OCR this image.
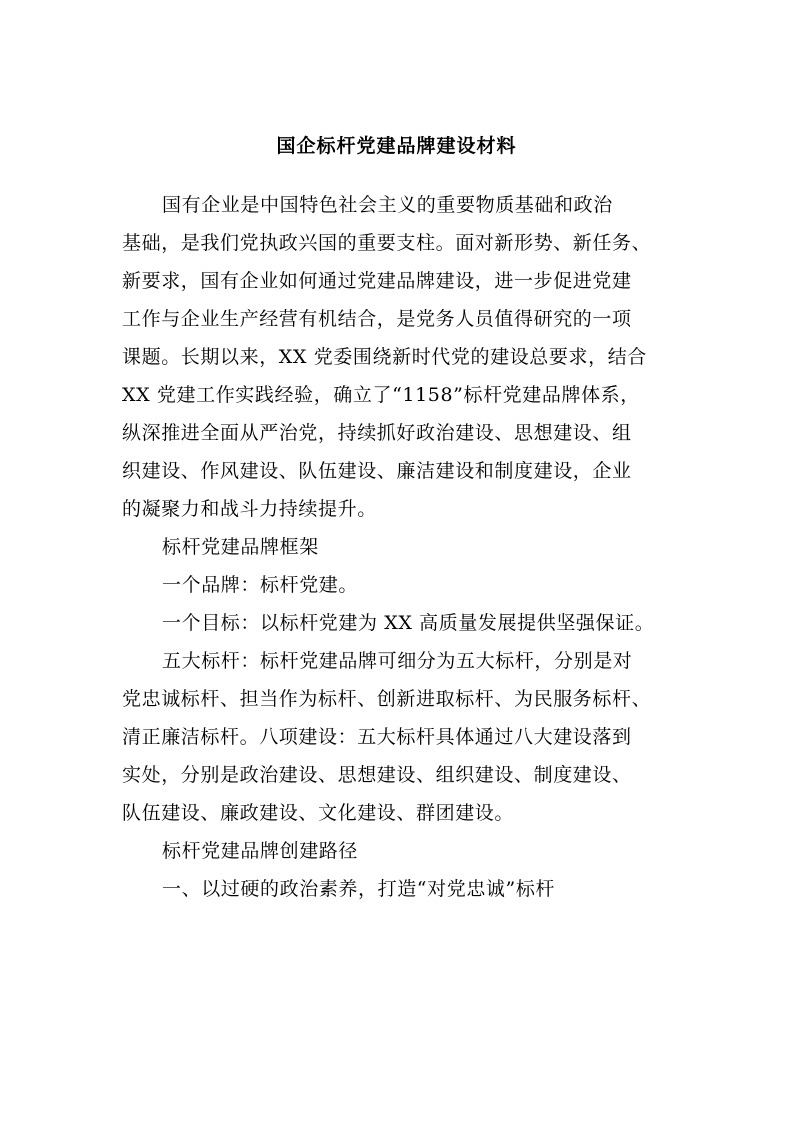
国企标杆党建品牌建设材料
国有企业是中国特色社会主义的重要物质基础和政治
基础，是我们党执政兴国的重要支柱。面对新形势、新任务、
新要求，国有企业如何通过党建品牌建设，进一步促进党建
工作与企业生产经营有机结合，是党务人员值得研究的一项
课题。长期以来，XX 党委围绕新时代党的建设总要求，结合
XX 党建工作实践经验，确立了“1158”标杆党建品牌体系，
纵深推进全面从严治党，持续抓好政治建设、思想建设、组
织建设、作风建设、队伍建设、廉洁建设和制度建设，企业
的凝聚力和战斗力持续提升。
标杆党建品牌框架
一个品牌：标杆党建。
一个目标：以标杆党建为 XX 高质量发展提供坚强保证。
五大标杆：标杆党建品牌可细分为五大标杆，分别是对
党忠诚标杆、担当作为标杆、创新进取标杆、为民服务标杆、
清正廉洁标杆。八项建设：五大标杆具体通过八大建设落到
实处，分别是政治建设、思想建设、组织建设、制度建设、
队伍建设、廉政建设、文化建设、群团建设。
标杆党建品牌创建路径
一、以过硬的政治素养，打造“对党忠诚”标杆
